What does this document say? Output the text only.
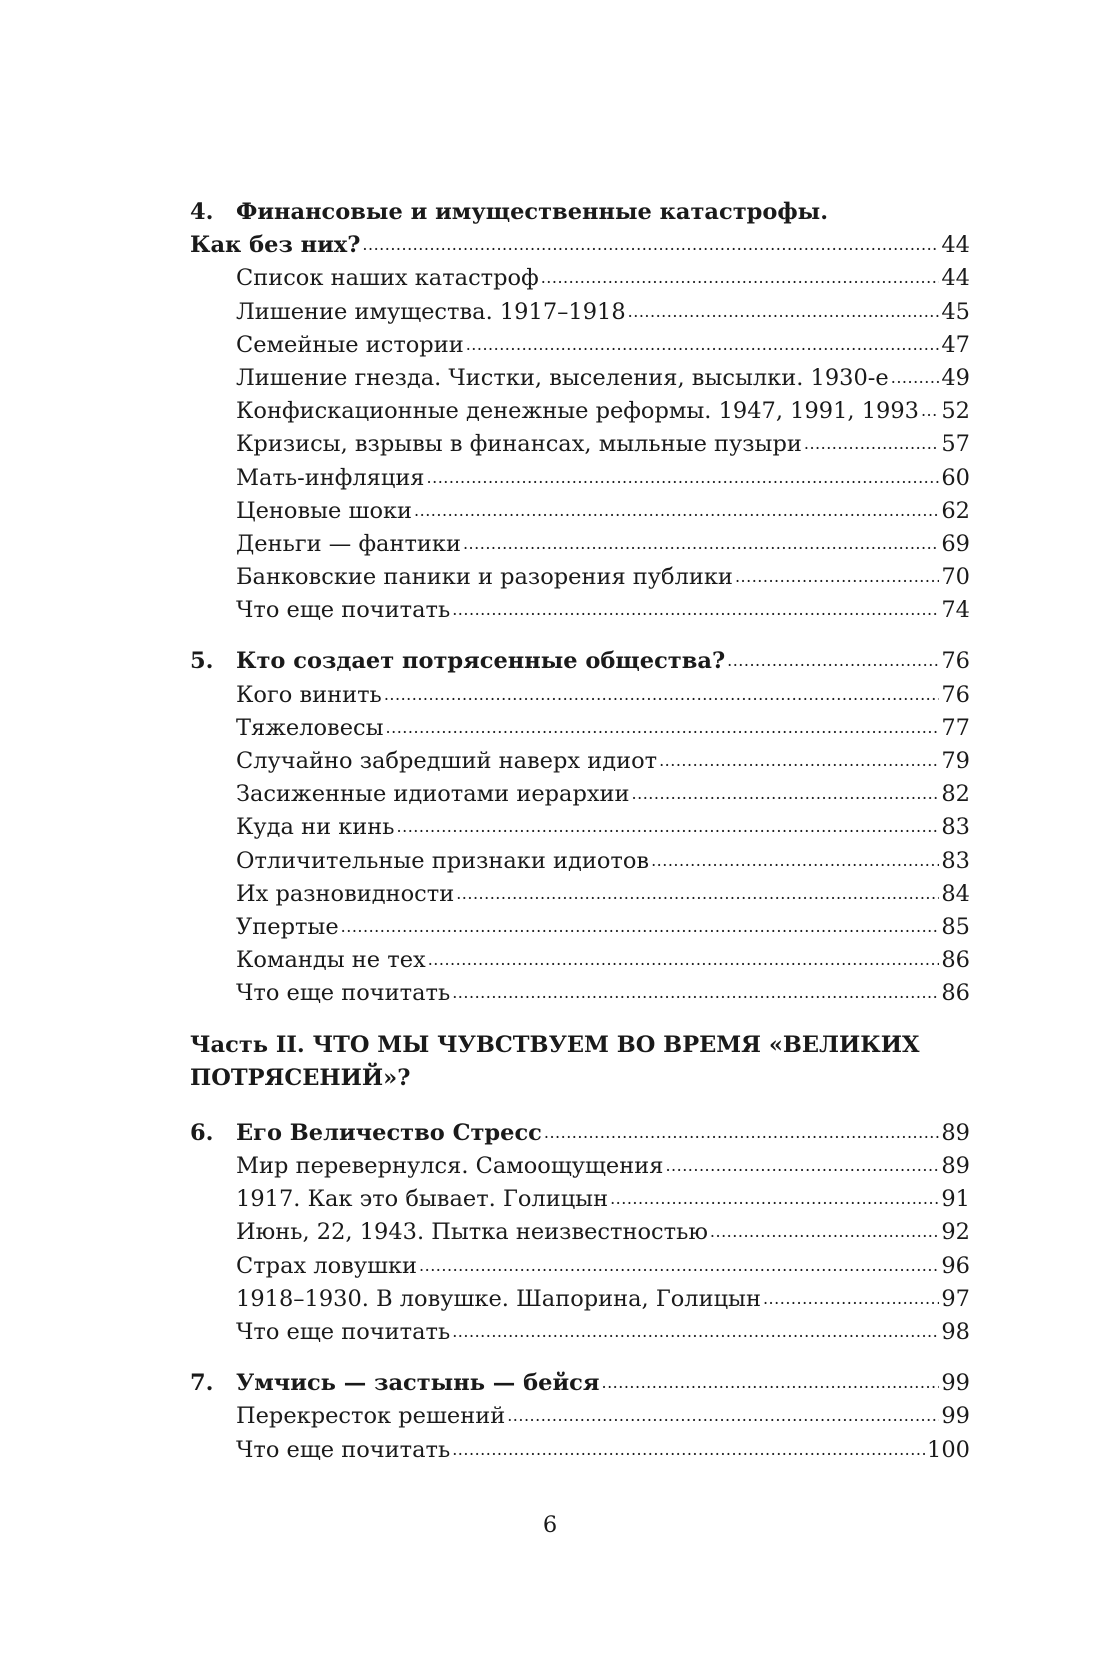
4.	Финансовые и имущественные катастрофы.
Как без них? .....	44
Список наших катастроф .....	44
Лишение имущества. 1917–1918 .....	45
Семейные истории .....	47
Лишение гнезда. Чистки, выселения, высылки. 1930-е ..... 49
Конфискационные денежные реформы. 1947, 1991, 1993 ..... 52
Кризисы, взрывы в финансах, мыльные пузыри .....	57
Мать-инфляция .....	60
Ценовые шоки .....	62
Деньги — фантики .....	69
Банковские паники и разорения публики .....	70
Что еще почитать .....	74
5.	Кто создает потрясенные общества? .....	76
Кого винить .....	76
Тяжеловесы .....	77
Случайно забредший наверх идиот .....	79
Засиженные идиотами иерархии .....	82
Куда ни кинь .....	83
Отличительные признаки идиотов .....	83
Их разновидности .....	84
Упертые .....	85
Команды не тех .....	86
Что еще почитать .....	86
Часть II. ЧТО МЫ ЧУВСТВУЕМ ВО ВРЕМЯ «ВЕЛИКИХ
ПОТРЯСЕНИЙ»?
6.	Его Величество Стресс .....	89
Мир перевернулся. Самоощущения .....	89
1917. Как это бывает. Голицын .....	91
Июнь, 22, 1943. Пытка неизвестностью .....	92
Страх ловушки .....	96
1918–1930. В ловушке. Шапорина, Голицын .....	97
Что еще почитать .....	98
7.	Умчись — застынь — бейся .....	99
Перекресток решений .....	99
Что еще почитать .....	100
6
